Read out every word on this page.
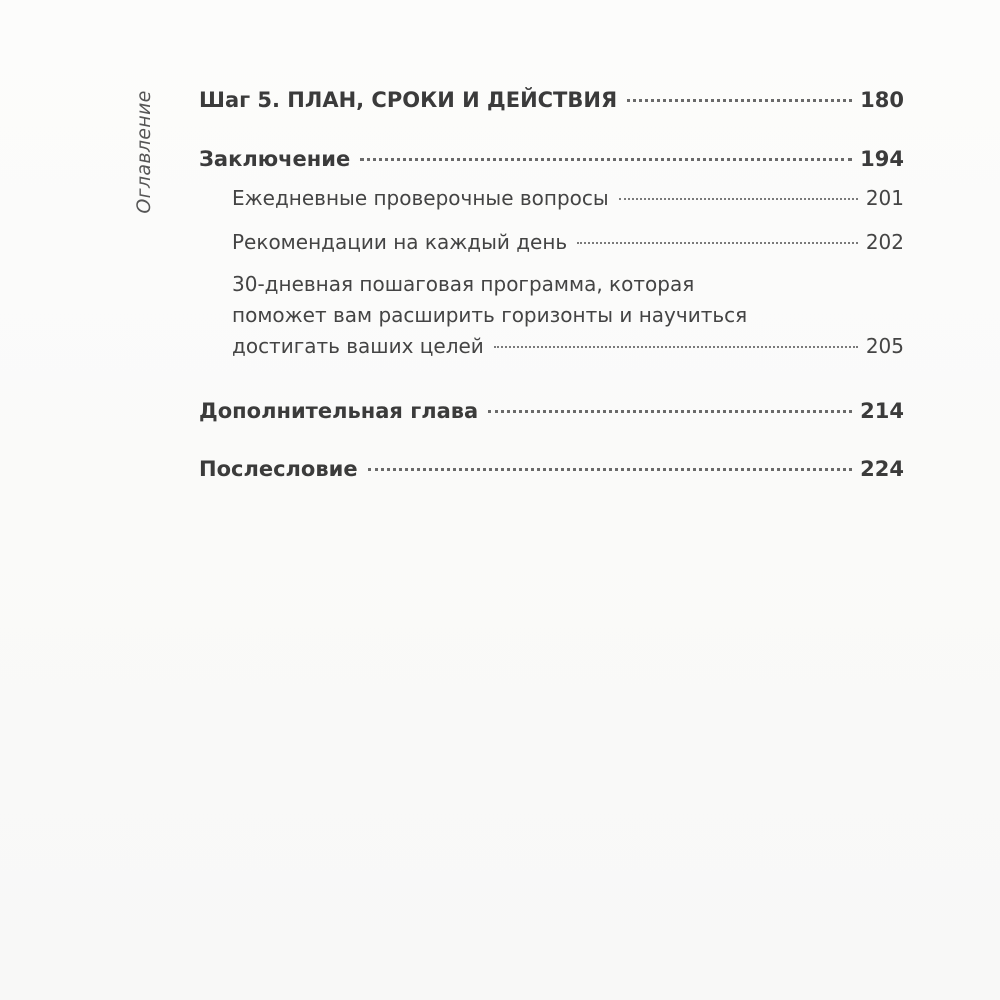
Оглавление Шаг 5. ПЛАН, СРОКИ И ДЕЙСТВИЯ	180
Заключение	194
Ежедневные проверочные вопросы	201
Рекомендации на каждый день	202
30-дневная пошаговая программа, которая
поможет вам расширить горизонты и научиться
достигать ваших целей	205
Дополнительная глава	214
Послесловие	224
